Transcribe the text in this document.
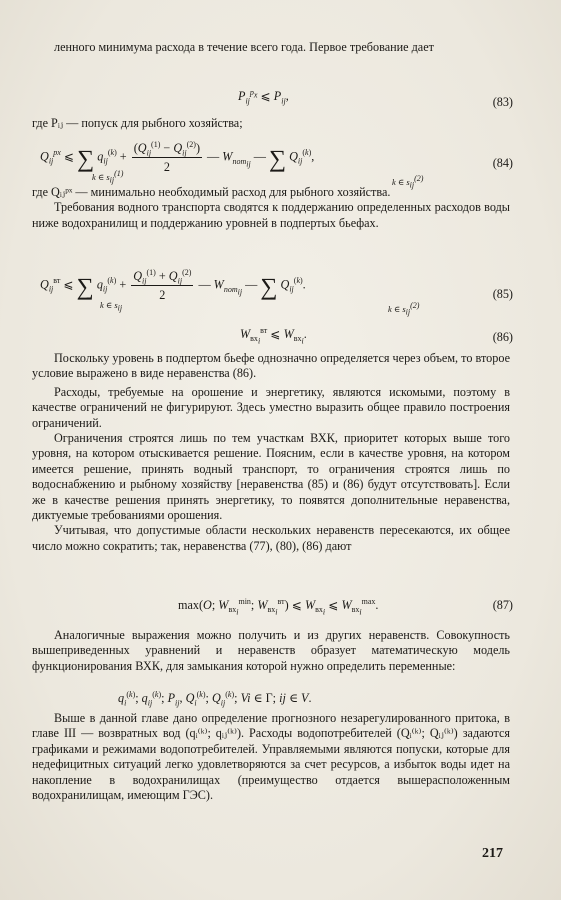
ленного минимума расхода в течение всего года. Первое требование дает

$P_{ij}^{p_x}$ ⩽ $P_{ij}$,	(83)

где Pᵢⱼ — попуск для рыбного хозяйства;

$Q_{ij}^{px}$ ⩽ ∑ $q_{ij}^{(k)} + \frac{(Q_{ij}^{(1)} - Q_{ij}^{(2)})}{2}$ — $W_{пот_{ij}}$ — ∑ $Q_{ij}^{(k)}$,
k ∈ $s_{ij}^{(1)}$
k ∈ $s_{ij}^{(2)}$
(84)

где Qᵢⱼᵖˣ — минимально необходимый расход для рыбного хозяйства.

Требования водного транспорта сводятся к поддержанию определенных расходов воды ниже водохранилищ и поддержанию уровней в подпертых бьефах.

$Q_{ij}^{вт}$ ⩽ ∑ $q_{ij}^{(k)} + \frac{Q_{ij}^{(1)} + Q_{ij}^{(2)}}{2}$ — $W_{пот_{ij}}$ — ∑ $Q_{ij}^{(k)}$.
k ∈ $s_{ij}$	k ∈ $s_{ij}^{(2)}$
(85)
$W_{вх_i}^{вт}$ ⩽ $W_{вх_i}$.	(86)

Поскольку уровень в подпертом бьефе однозначно определяется через объем, то второе условие выражено в виде неравенства (86).

Расходы, требуемые на орошение и энергетику, являются искомыми, поэтому в качестве ограничений не фигурируют. Здесь уместно выразить общее правило построения ограничений.

Ограничения строятся лишь по тем участкам ВХК, приоритет которых выше того уровня, на котором отыскивается решение. Поясним, если в качестве уровня, на котором имеется решение, принять водный транспорт, то ограничения строятся лишь по водоснабжению и рыбному хозяйству [неравенства (85) и (86) будут отсутствовать]. Если же в качестве решения принять энергетику, то появятся дополнительные неравенства, диктуемые требованиями орошения.

Учитывая, что допустимые области нескольких неравенств пересекаются, их общее число можно сократить; так, неравенства (77), (80), (86) дают

max(O; $W_{вх_i}^{min}$; $W_{вх_i}^{вт}$) ⩽ $W_{вх_i}$ ⩽ $W_{вх_i}^{max}$.	(87)

Аналогичные выражения можно получить и из других неравенств. Совокупность вышеприведенных уравнений и неравенств образует математическую модель функционирования ВХК, для замыкания которой нужно определить переменные:

$q_i^{(k)}$; $q_{ij}^{(k)}$; $P_{ij}$, $Q_i^{(k)}$; $Q_{ij}^{(k)}$; Vi ∈ Γ; ij ∈ V.

Выше в данной главе дано определение прогнозного незарегулированного притока, в главе III — возвратных вод (qᵢ⁽ᵏ⁾; qᵢⱼ⁽ᵏ⁾). Расходы водопотребителей (Qᵢ⁽ᵏ⁾; Qᵢⱼ⁽ᵏ⁾) задаются графиками и режимами водопотребителей. Управляемыми являются попуски, которые для недефицитных ситуаций легко удовлетворяются за счет ресурсов, а избыток воды идет на накопление в водохранилищах (преимущество отдается вышерасположенным водохранилищам, имеющим ГЭС).

217
